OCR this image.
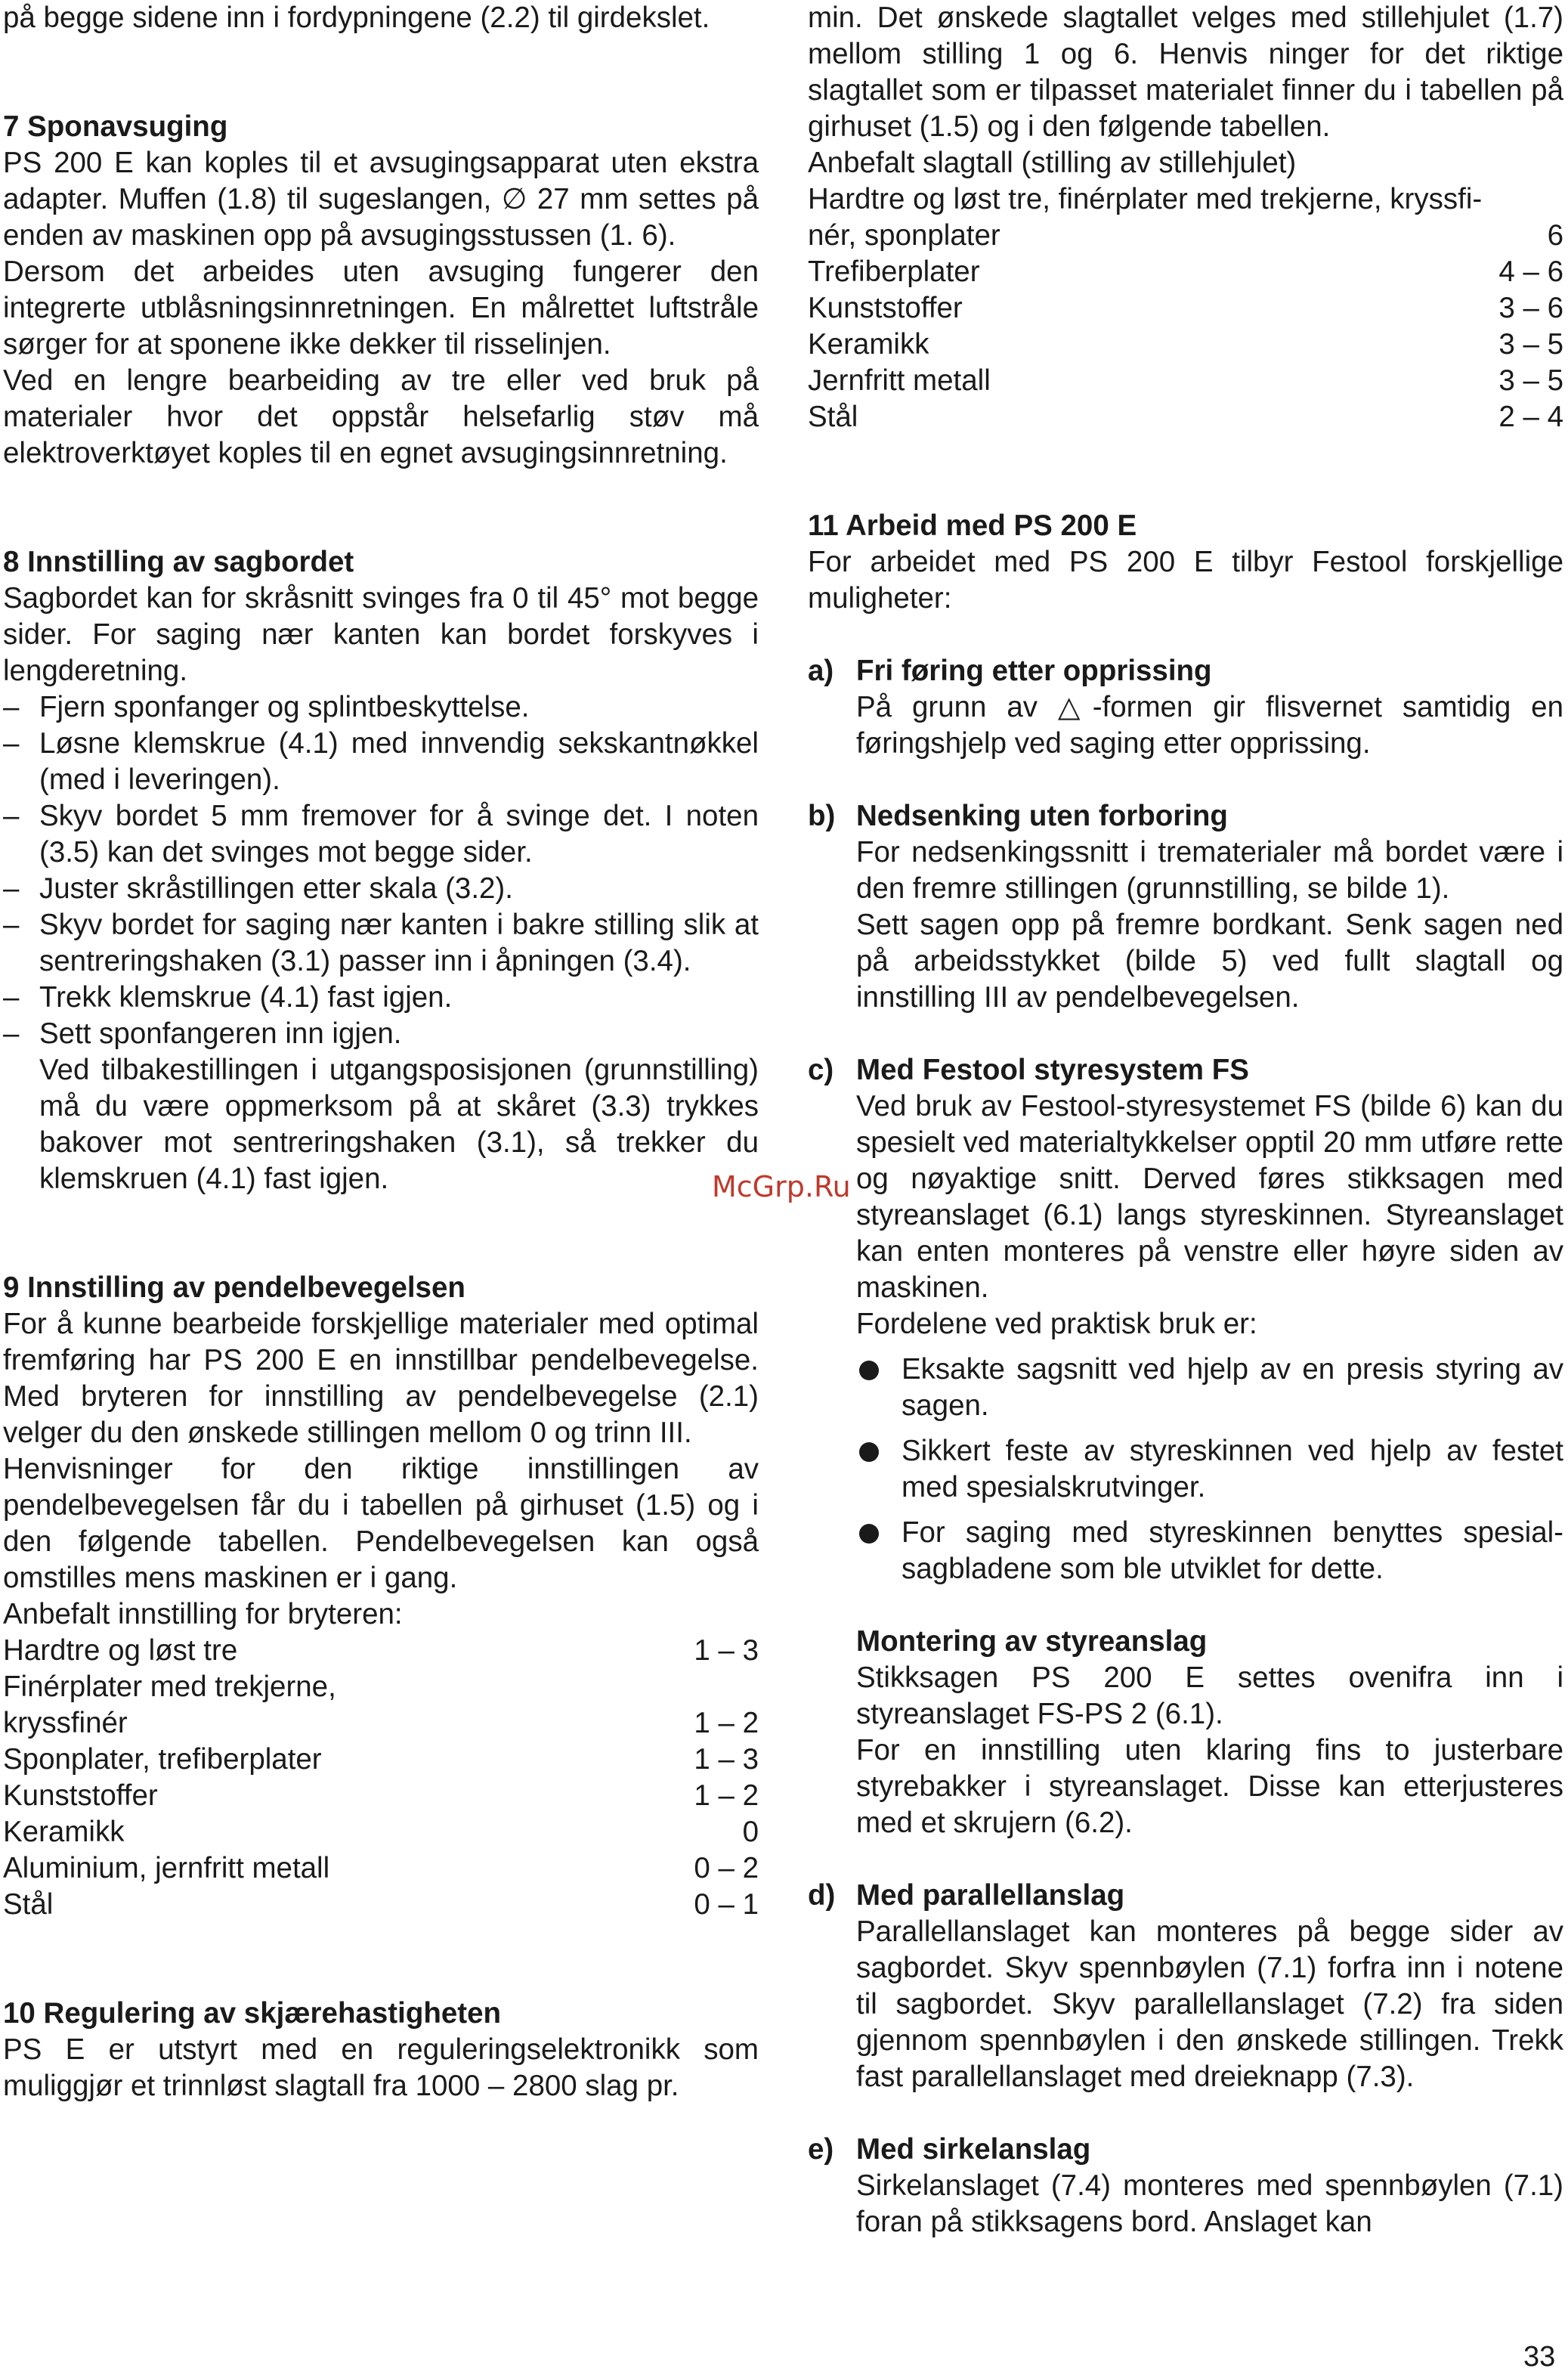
på begge sidene inn i fordypningene (2.2) til girdekslet.

7 Sponavsuging

PS 200 E kan koples til et avsugingsapparat uten ekstra adapter. Muffen (1.8) til sugeslangen, ∅ 27 mm settes på enden av maskinen opp på avsugingsstussen (1. 6).

Dersom det arbeides uten avsuging fungerer den integrerte utblåsningsinnretningen. En målrettet luftstråle sørger for at sponene ikke dekker til risselinjen.

Ved en lengre bearbeiding av tre eller ved bruk på materialer hvor det oppstår helsefarlig støv må elektroverktøyet koples til en egnet avsugingsinnretning.

8 Innstilling av sagbordet

Sagbordet kan for skråsnitt svinges fra 0 til 45° mot begge sider. For saging nær kanten kan bordet forskyves i lengderetning.

– Fjern sponfanger og splintbeskyttelse.
– Løsne klemskrue (4.1) med innvendig sekskantnøkkel (med i leveringen).
– Skyv bordet 5 mm fremover for å svinge det. I noten (3.5) kan det svinges mot begge sider.
– Juster skråstillingen etter skala (3.2).
– Skyv bordet for saging nær kanten i bakre stilling slik at sentreringshaken (3.1) passer inn i åpningen (3.4).
– Trekk klemskrue (4.1) fast igjen.
– Sett sponfangeren inn igjen.

Ved tilbakestillingen i utgangsposisjonen (grunnstilling) må du være oppmerksom på at skåret (3.3) trykkes bakover mot sentreringshaken (3.1), så trekker du klemskruen (4.1) fast igjen.

9 Innstilling av pendelbevegelsen

For å kunne bearbeide forskjellige materialer med optimal fremføring har PS 200 E en innstillbar pendelbevegelse. Med bryteren for innstilling av pendelbevegelse (2.1) velger du den ønskede stillingen mellom 0 og trinn III.

Henvisninger for den riktige innstillingen av pendelbevegelsen får du i tabellen på girhuset (1.5) og i den følgende tabellen. Pendelbevegelsen kan også omstilles mens maskinen er i gang.

Anbefalt innstilling for bryteren:
Hardtre og løst tre	1 – 3
Finérplater med trekjerne,
kryssfinér	1 – 2
Sponplater, trefiberplater	1 – 3
Kunststoffer	1 – 2
Keramikk	0
Aluminium, jernfritt metall	0 – 2
Stål	0 – 1
10 Regulering av skjærehastigheten

PS E er utstyrt med en reguleringselektronikk som muliggjør et trinnløst slagtall fra 1000 – 2800 slag pr.

min. Det ønskede slagtallet velges med stillehjulet (1.7) mellom stilling 1 og 6. Henvis ninger for det riktige slagtallet som er tilpasset materialet finner du i tabellen på girhuset (1.5) og i den følgende tabellen.

Anbefalt slagtall (stilling av stillehjulet)
Hardtre og løst tre, finérplater med trekjerne, kryssfi-
nér, sponplater	6
Trefiberplater	4 – 6
Kunststoffer	3 – 6
Keramikk	3 – 5
Jernfritt metall	3 – 5
Stål	2 – 4
11 Arbeid med PS 200 E

For arbeidet med PS 200 E tilbyr Festool forskjellige muligheter:

a) Fri føring etter opprissing

På grunn av △-formen gir flisvernet samtidig en føringshjelp ved saging etter opprissing.

b) Nedsenking uten forboring

For nedsenkingssnitt i trematerialer må bordet være i den fremre stillingen (grunnstilling, se bilde 1).

Sett sagen opp på fremre bordkant. Senk sagen ned på arbeidsstykket (bilde 5) ved fullt slagtall og innstilling III av pendelbevegelsen.

c) Med Festool styresystem FS

Ved bruk av Festool-styresystemet FS (bilde 6) kan du spesielt ved materialtykkelser opptil 20 mm utføre rette og nøyaktige snitt. Derved føres stikksagen med styreanslaget (6.1) langs styreskinnen. Styreanslaget kan enten monteres på venstre eller høyre siden av maskinen.

Fordelene ved praktisk bruk er:

Eksakte sagsnitt ved hjelp av en presis styring av sagen.
Sikkert feste av styreskinnen ved hjelp av festet med spesialskrutvinger.
For saging med styreskinnen benyttes spesial-sagbladene som ble utviklet for dette.
Montering av styreanslag

Stikksagen PS 200 E settes ovenifra inn i styreanslaget FS-PS 2 (6.1).

For en innstilling uten klaring fins to justerbare styrebakker i styreanslaget. Disse kan etterjusteres med et skrujern (6.2).

d) Med parallellanslag

Parallellanslaget kan monteres på begge sider av sagbordet. Skyv spennbøylen (7.1) forfra inn i notene til sagbordet. Skyv parallellanslaget (7.2) fra siden gjennom spennbøylen i den ønskede stillingen. Trekk fast parallellanslaget med dreieknapp (7.3).

e) Med sirkelanslag

Sirkelanslaget (7.4) monteres med spennbøylen (7.1) foran på stikksagens bord. Anslaget kan

McGrp.Ru
33
